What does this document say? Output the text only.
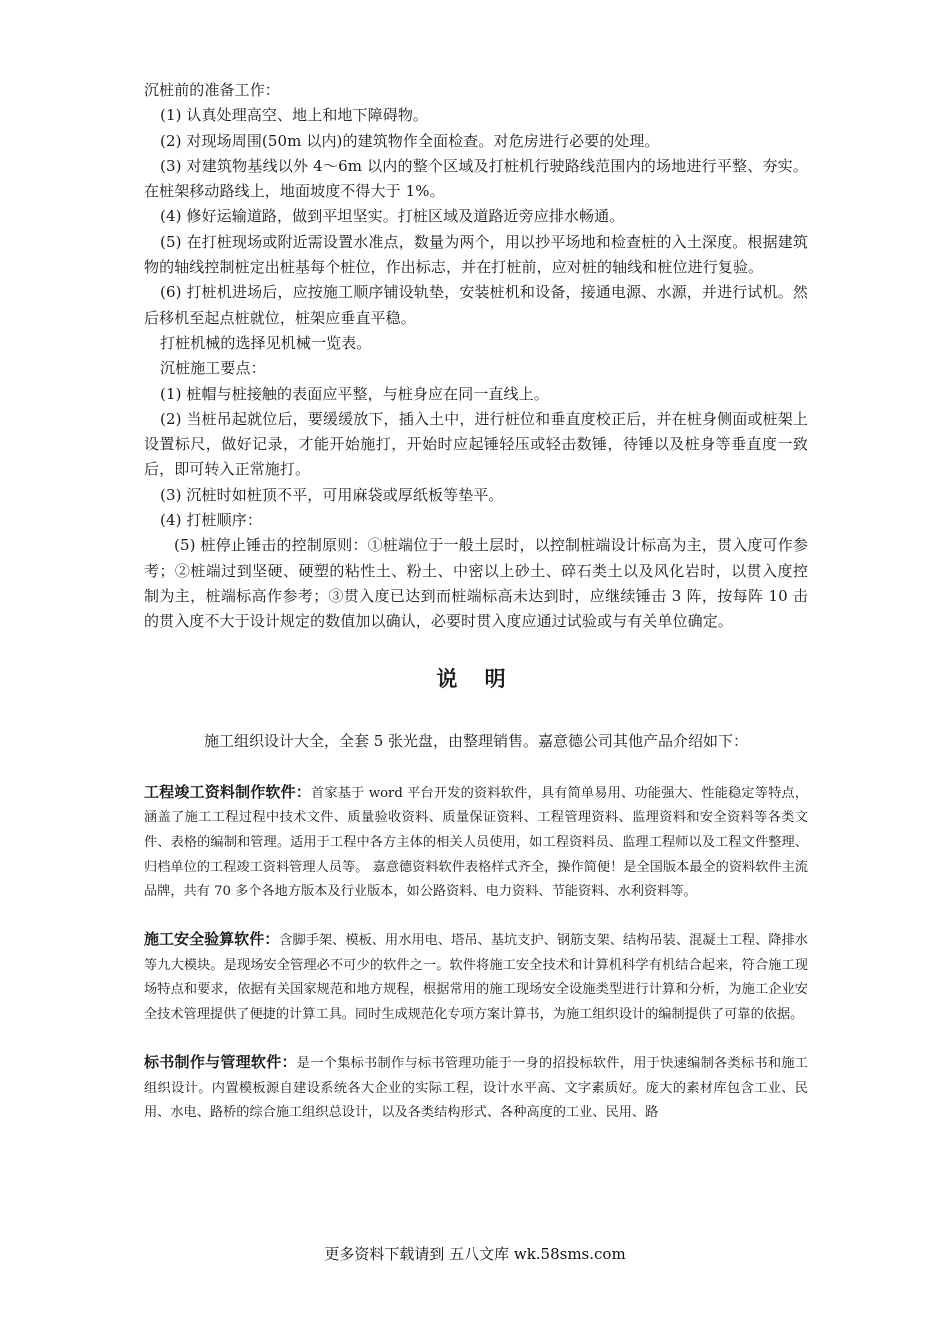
沉桩前的准备工作：

(1) 认真处理高空、地上和地下障碍物。

(2) 对现场周围(50m 以内)的建筑物作全面检查。对危房进行必要的处理。

(3) 对建筑物基线以外 4～6m 以内的整个区域及打桩机行驶路线范围内的场地进行平整、夯实。在桩架移动路线上，地面坡度不得大于 1%。

(4) 修好运输道路，做到平坦坚实。打桩区域及道路近旁应排水畅通。

(5) 在打桩现场或附近需设置水准点，数量为两个，用以抄平场地和检查桩的入土深度。根据建筑物的轴线控制桩定出桩基每个桩位，作出标志，并在打桩前，应对桩的轴线和桩位进行复验。

(6) 打桩机进场后，应按施工顺序铺设轨垫，安装桩机和设备，接通电源、水源，并进行试机。然后移机至起点桩就位，桩架应垂直平稳。

打桩机械的选择见机械一览表。

沉桩施工要点：

(1) 桩帽与桩接触的表面应平整，与桩身应在同一直线上。

(2) 当桩吊起就位后，要缓缓放下，插入土中，进行桩位和垂直度校正后，并在桩身侧面或桩架上设置标尺，做好记录，才能开始施打，开始时应起锤轻压或轻击数锤，待锤以及桩身等垂直度一致后，即可转入正常施打。

(3) 沉桩时如桩顶不平，可用麻袋或厚纸板等垫平。

(4) 打桩顺序：

(5) 桩停止锤击的控制原则：①桩端位于一般土层时，以控制桩端设计标高为主，贯入度可作参考；②桩端过到坚硬、硬塑的粘性土、粉土、中密以上砂土、碎石类土以及风化岩时，以贯入度控制为主，桩端标高作参考；③贯入度已达到而桩端标高未达到时，应继续锤击 3 阵，按每阵 10 击的贯入度不大于设计规定的数值加以确认，必要时贯入度应通过试验或与有关单位确定。

说 明

施工组织设计大全，全套 5 张光盘，由整理销售。嘉意德公司其他产品介绍如下：

工程竣工资料制作软件：首家基于 word 平台开发的资料软件，具有简单易用、功能强大、性能稳定等特点，涵盖了施工工程过程中技术文件、质量验收资料、质量保证资料、工程管理资料、监理资料和安全资料等各类文件、表格的编制和管理。适用于工程中各方主体的相关人员使用，如工程资料员、监理工程师以及工程文件整理、归档单位的工程竣工资料管理人员等。 嘉意德资料软件表格样式齐全，操作简便！是全国版本最全的资料软件主流品牌，共有 70 多个各地方版本及行业版本，如公路资料、电力资料、节能资料、水利资料等。

施工安全验算软件：含脚手架、模板、用水用电、塔吊、基坑支护、钢筋支架、结构吊装、混凝土工程、降排水等九大模块。是现场安全管理必不可少的软件之一。软件将施工安全技术和计算机科学有机结合起来，符合施工现场特点和要求，依据有关国家规范和地方规程，根据常用的施工现场安全设施类型进行计算和分析，为施工企业安全技术管理提供了便捷的计算工具。同时生成规范化专项方案计算书，为施工组织设计的编制提供了可靠的依据。

标书制作与管理软件：是一个集标书制作与标书管理功能于一身的招投标软件，用于快速编制各类标书和施工组织设计。内置模板源自建设系统各大企业的实际工程，设计水平高、文字素质好。庞大的素材库包含工业、民用、水电、路桥的综合施工组织总设计，以及各类结构形式、各种高度的工业、民用、路

更多资料下载请到 五八文库 wk.58sms.com
